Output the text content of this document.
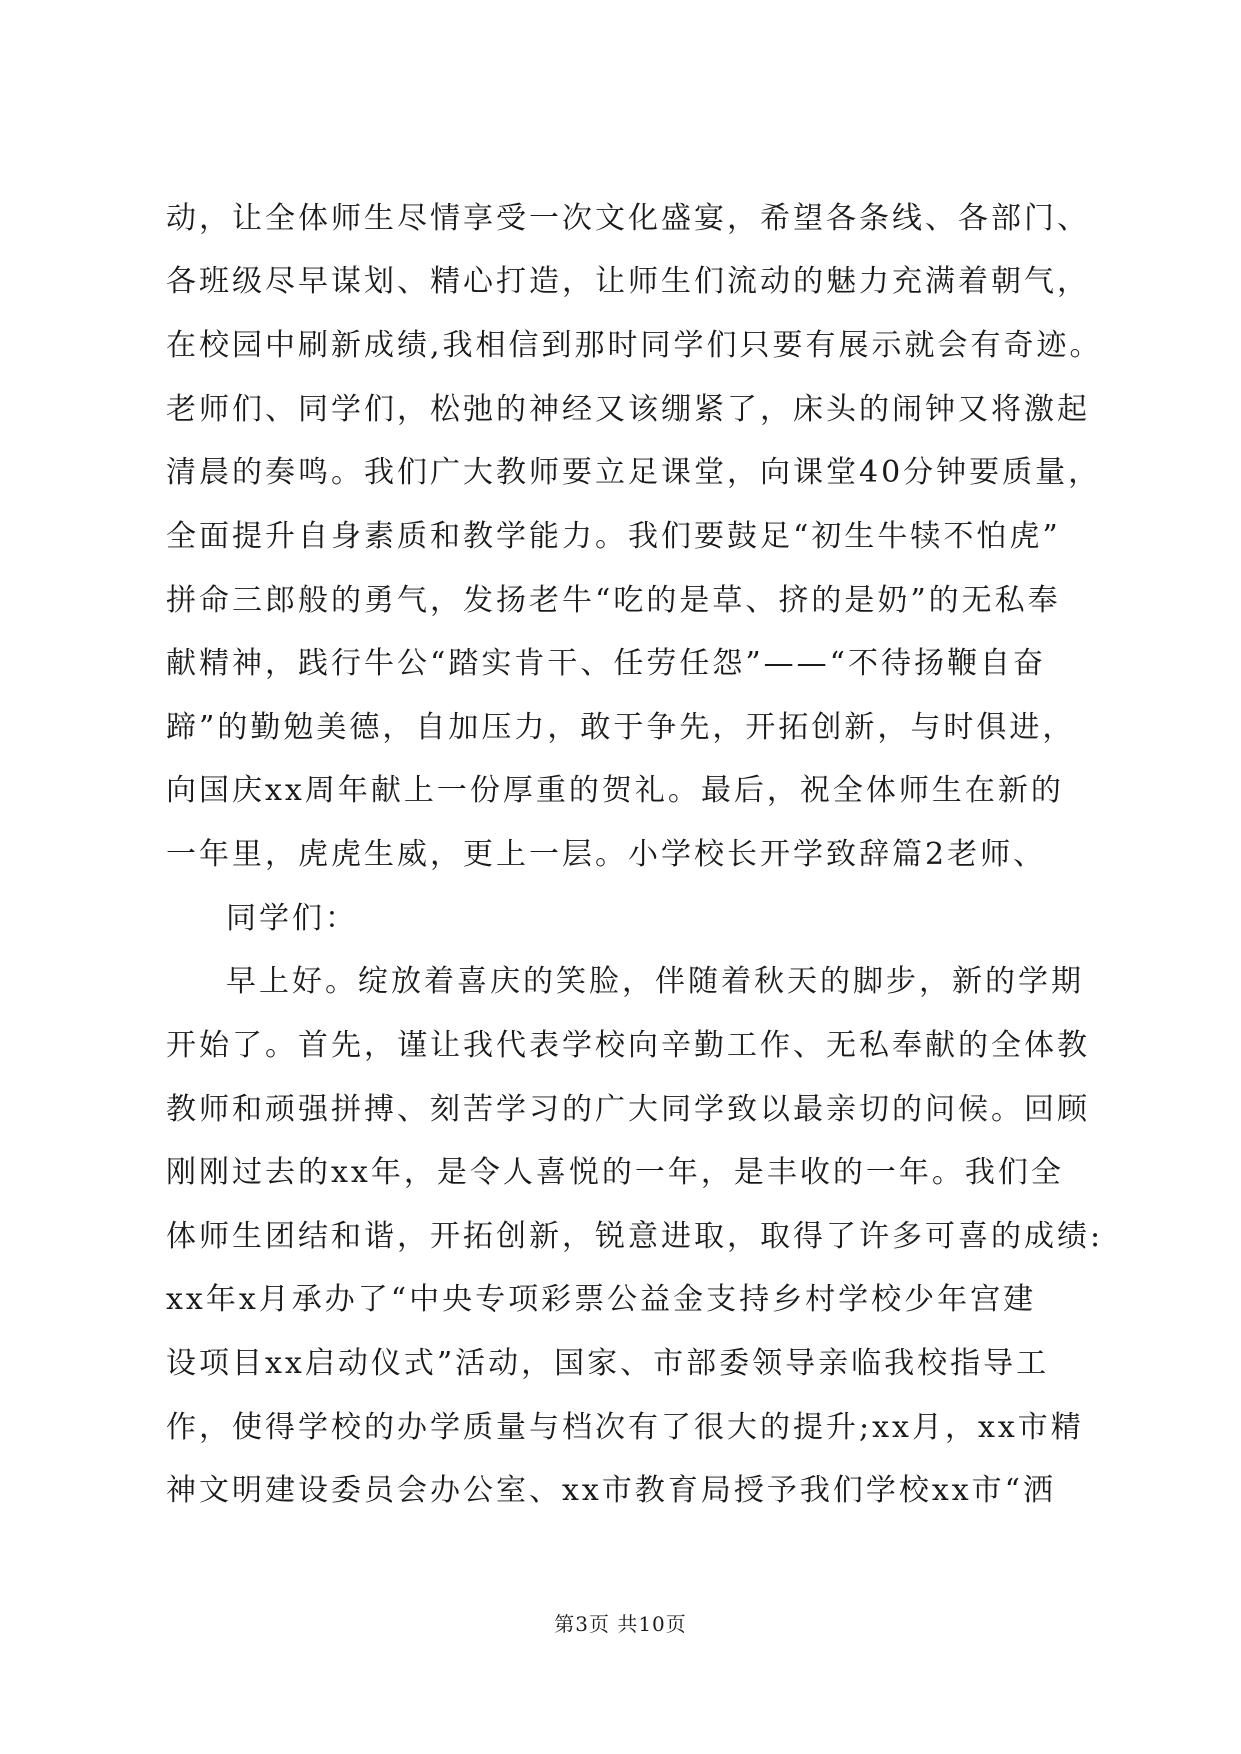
动，让全体师生尽情享受一次文化盛宴，希望各条线、各部门、
各班级尽早谋划、精心打造，让师生们流动的魅力充满着朝气，
在校园中刷新成绩,我相信到那时同学们只要有展示就会有奇迹。
老师们、同学们，松弛的神经又该绷紧了，床头的闹钟又将激起
清晨的奏鸣。我们广大教师要立足课堂，向课堂40分钟要质量，
全面提升自身素质和教学能力。我们要鼓足“初生牛犊不怕虎”
拼命三郎般的勇气，发扬老牛“吃的是草、挤的是奶”的无私奉
献精神，践行牛公“踏实肯干、任劳任怨”——“不待扬鞭自奋
蹄”的勤勉美德，自加压力，敢于争先，开拓创新，与时俱进，
向国庆xx周年献上一份厚重的贺礼。最后，祝全体师生在新的
一年里，虎虎生威，更上一层。小学校长开学致辞篇2老师、
同学们：
早上好。绽放着喜庆的笑脸，伴随着秋天的脚步，新的学期
开始了。首先，谨让我代表学校向辛勤工作、无私奉献的全体教
教师和顽强拼搏、刻苦学习的广大同学致以最亲切的问候。回顾
刚刚过去的xx年，是令人喜悦的一年，是丰收的一年。我们全
体师生团结和谐，开拓创新，锐意进取，取得了许多可喜的成绩:
xx年x月承办了“中央专项彩票公益金支持乡村学校少年宫建
设项目xx启动仪式”活动，国家、市部委领导亲临我校指导工
作，使得学校的办学质量与档次有了很大的提升;xx月，xx市精
神文明建设委员会办公室、xx市教育局授予我们学校xx市“洒
第3页 共10页
